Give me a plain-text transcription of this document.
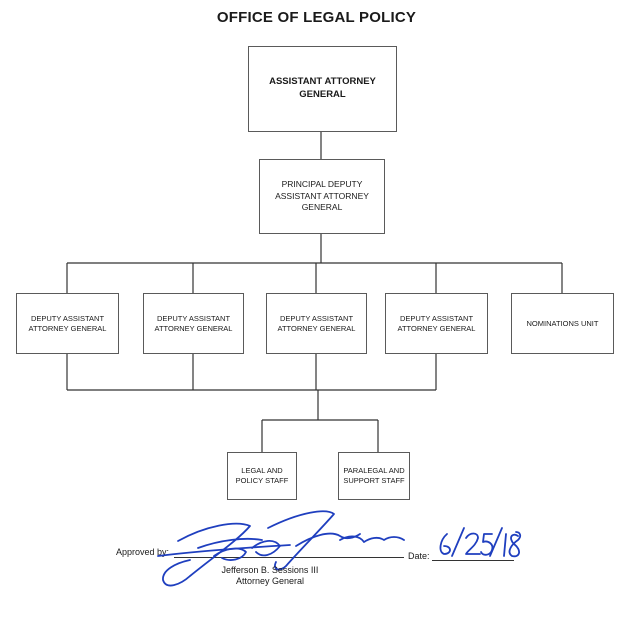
OFFICE OF LEGAL POLICY
ASSISTANT ATTORNEY
GENERAL
PRINCIPAL DEPUTY
ASSISTANT ATTORNEY
GENERAL
DEPUTY ASSISTANT
ATTORNEY GENERAL
DEPUTY ASSISTANT
ATTORNEY GENERAL
DEPUTY ASSISTANT
ATTORNEY GENERAL
DEPUTY ASSISTANT
ATTORNEY GENERAL
NOMINATIONS UNIT
LEGAL AND
POLICY STAFF
PARALEGAL AND
SUPPORT STAFF
Approved by:	Date:
Jefferson B. Sessions III
Attorney General
